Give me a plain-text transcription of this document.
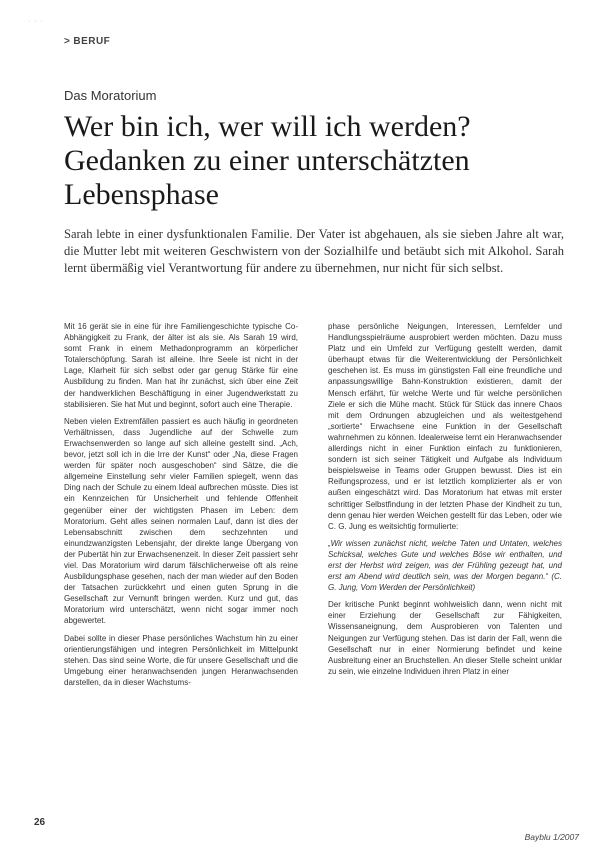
· · ·
> BERUF
Das Moratorium
Wer bin ich, wer will ich werden? Gedanken zu einer unterschätzten Lebensphase

Sarah lebte in einer dysfunktionalen Familie. Der Vater ist abgehauen, als sie sieben Jahre alt war, die Mutter lebt mit weiteren Geschwistern von der Sozialhilfe und betäubt sich mit Alkohol. Sarah lernt übermäßig viel Verantwortung für andere zu übernehmen, nur nicht für sich selbst.

Mit 16 gerät sie in eine für ihre Familiengeschichte typische Co-Abhängigkeit zu Frank, der älter ist als sie. Als Sarah 19 wird, somt Frank in einem Methadonprogramm an körperlicher Totalerschöpfung. Sarah ist alleine. Ihre Seele ist nicht in der Lage, Klarheit für sich selbst oder gar genug Stärke für eine Ausbildung zu finden. Man hat ihr zunächst, sich über eine Zeit der handwerklichen Beschäftigung in einer Jugendwerkstatt zu stabilisieren. Sie hat Mut und beginnt, sofort auch eine Therapie.

Neben vielen Extremfällen passiert es auch häufig in geordneten Verhältnissen, dass Jugendliche auf der Schwelle zum Erwachsenwerden so lange auf sich alleine gestellt sind. „Ach, bevor, jetzt soll ich in die Irre der Kunst“ oder „Na, diese Fragen werden für später noch ausgeschoben“ sind Sätze, die die allgemeine Einstellung sehr vieler Familien spiegelt, wenn das Ding nach der Schule zu einem Ideal aufbrechen müsste. Dies ist ein Kennzeichen für Unsicherheit und fehlende Offenheit gegenüber einer der wichtigsten Phasen im Leben: dem Moratorium. Geht alles seinen normalen Lauf, dann ist dies der Lebensabschnitt zwischen dem sechzehnten und einundzwanzigsten Lebensjahr, der direkte lange Übergang von der Pubertät hin zur Erwachsenenzeit. In dieser Zeit passiert sehr viel. Das Moratorium wird darum fälschlicherweise oft als reine Ausbildungsphase gesehen, nach der man wieder auf den Boden der Tatsachen zurückkehrt und einen guten Sprung in die Gesellschaft zur Vernunft bringen werden. Kurz und gut, das Moratorium wird unterschätzt, wenn nicht sogar immer noch abgewertet.

Dabei sollte in dieser Phase persönliches Wachstum hin zu einer orientierungsfähigen und integren Persönlichkeit im Mittelpunkt stehen. Das sind seine Worte, die für unsere Gesellschaft und die Umgebung einer heranwachsenden jungen Heranwachsenden darstellen, da in dieser Wachstums-

phase persönliche Neigungen, Interessen, Lernfelder und Handlungsspielräume ausprobiert werden möchten. Dazu muss Platz und ein Umfeld zur Verfügung gestellt werden, damit überhaupt etwas für die Weiterentwicklung der Persönlichkeit geschehen ist. Es muss im günstigsten Fall eine freundliche und anpassungswillige Bahn-Konstruktion existieren, damit der Mensch erfährt, für welche Werte und für welche persönlichen Ziele er sich die Mühe macht. Stück für Stück das innere Chaos mit dem Ordnungen abzugleichen und als weitestgehend „sortierte“ Erwachsene eine Funktion in der Gesellschaft wahrnehmen zu können. Idealerweise lernt ein Heranwachsender allerdings nicht in einer Funktion einfach zu funktionieren, sondern ist sich seiner Tätigkeit und Aufgabe als Individuum beispielsweise in Teams oder Gruppen bewusst. Dies ist ein Reifungsprozess, und er ist letztlich komplizierter als er von außen eingeschätzt wird. Das Moratorium hat etwas mit erster schrittiger Selbstfindung in der letzten Phase der Kindheit zu tun, denn genau hier werden Weichen gestellt für das Leben, oder wie C. G. Jung es weitsichtig formulierte:

„Wir wissen zunächst nicht, welche Taten und Untaten, welches Schicksal, welches Gute und welches Böse wir enthalten, und erst der Herbst wird zeigen, was der Frühling gezeugt hat, und erst am Abend wird deutlich sein, was der Morgen begann.“ (C. G. Jung, Vom Werden der Persönlichkeit)

Der kritische Punkt beginnt wohlweislich dann, wenn nicht mit einer Erziehung der Gesellschaft zur Fähigkeiten, Wissensaneignung, dem Ausprobieren von Talenten und Neigungen zur Verfügung stehen. Das ist darin der Fall, wenn die Gesellschaft nur in einer Normierung befindet und keine Ausbreitung einer an Bruchstellen. An dieser Stelle scheint unklar zu sein, wie einzelne Individuen ihren Platz in einer

26
Bayblu 1/2007
